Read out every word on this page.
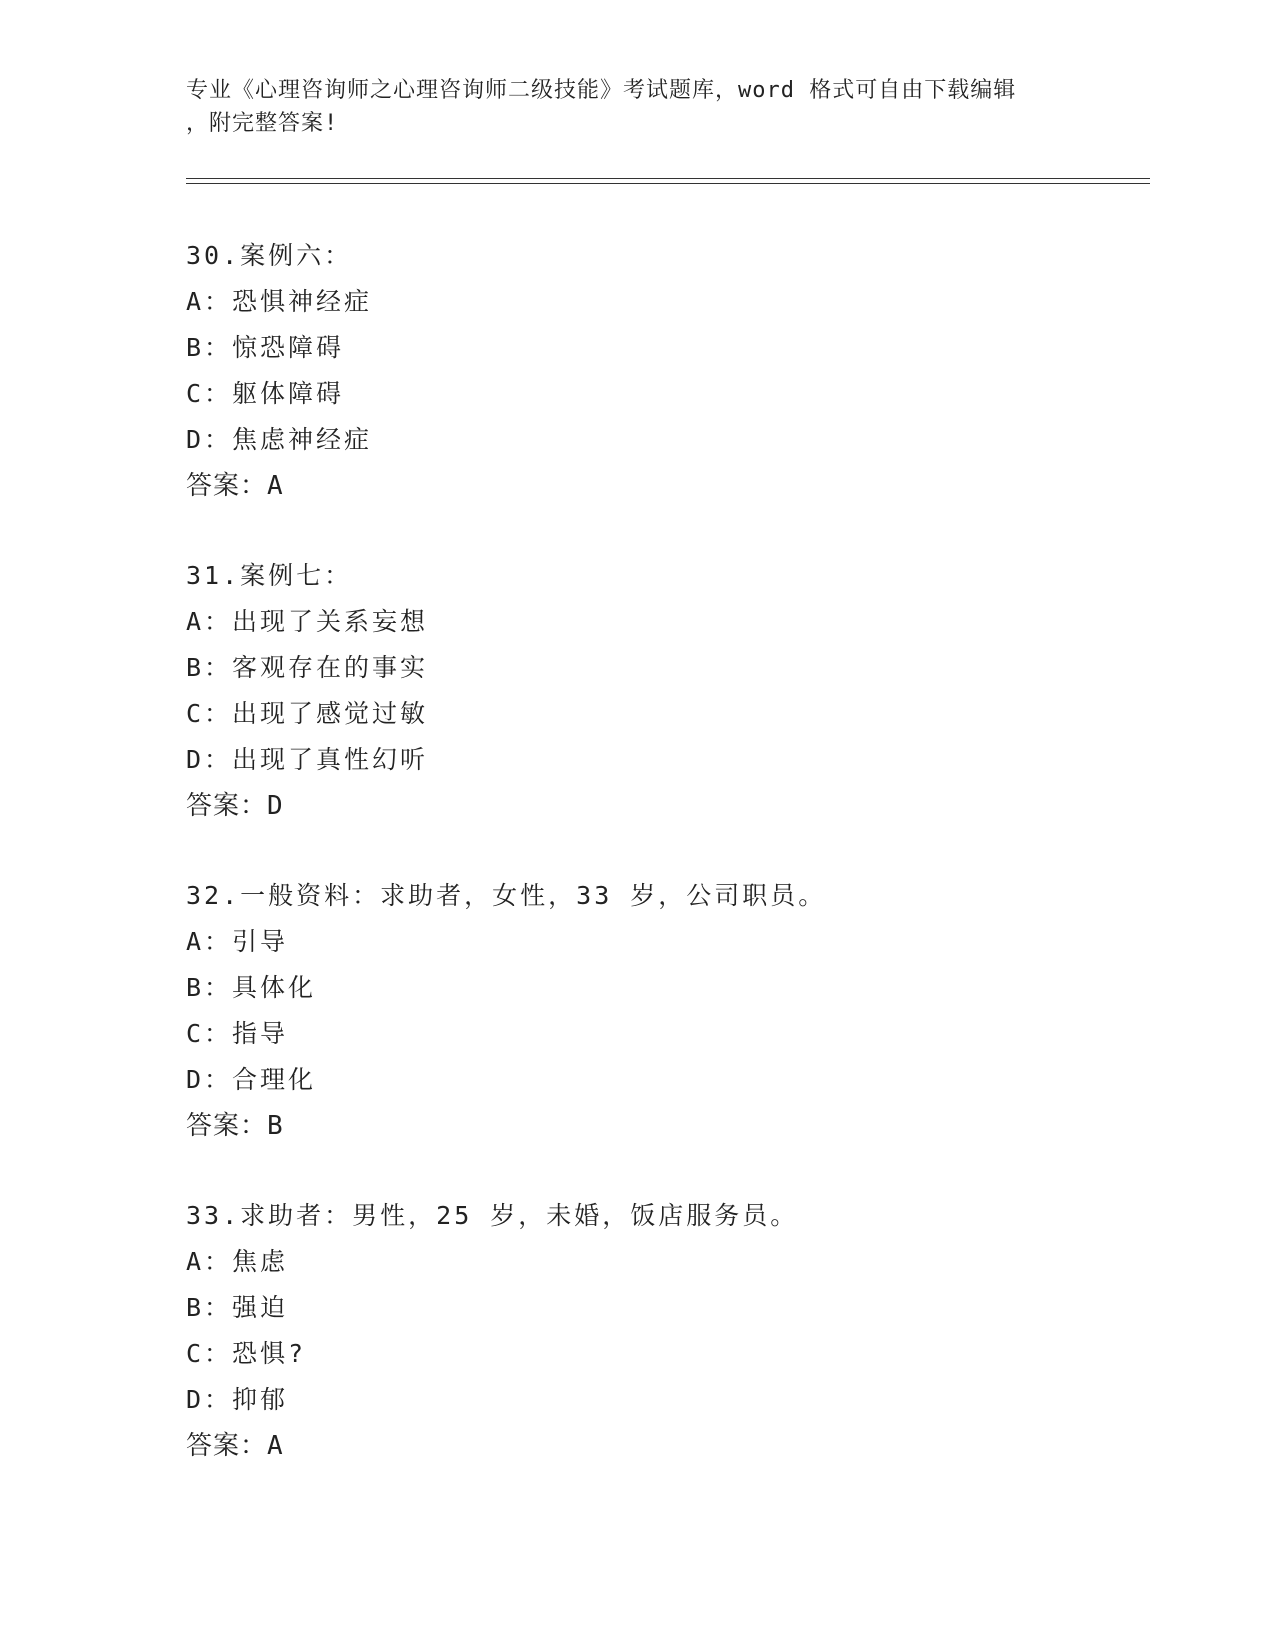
专业《心理咨询师之心理咨询师二级技能》考试题库，word 格式可自由下载编辑
，附完整答案!
30.案例六：
A：恐惧神经症
B：惊恐障碍
C：躯体障碍
D：焦虑神经症
答案：A
31.案例七：
A：出现了关系妄想
B：客观存在的事实
C：出现了感觉过敏
D：出现了真性幻听
答案：D
32.一般资料：求助者，女性，33 岁，公司职员。
A：引导
B：具体化
C：指导
D：合理化
答案：B
33.求助者：男性，25 岁，未婚，饭店服务员。
A：焦虑
B：强迫
C：恐惧?
D：抑郁
答案：A
